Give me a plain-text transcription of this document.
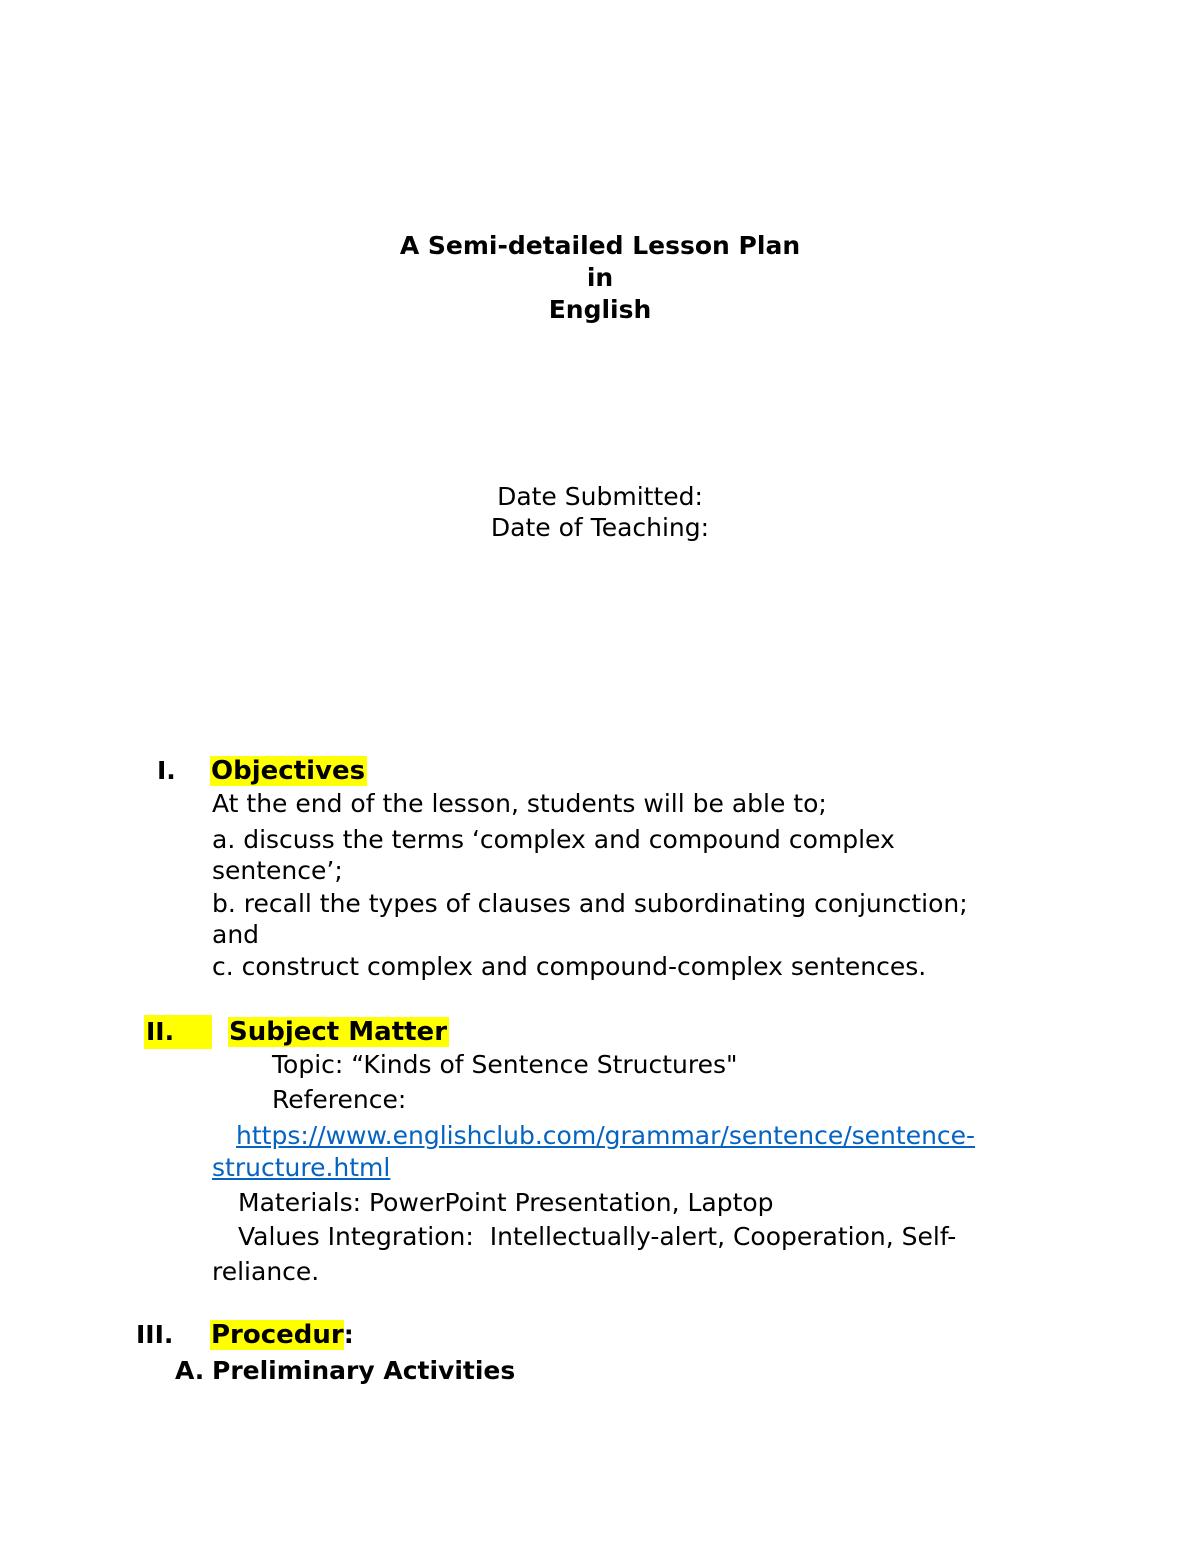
A Semi-detailed Lesson Plan
in
English
Date Submitted:
Date of Teaching:
I. Objectives
At the end of the lesson, students will be able to;
a. discuss the terms ‘complex and compound complex
sentence’;
b. recall the types of clauses and subordinating conjunction;
and
c. construct complex and compound-complex sentences.
II.	Subject Matter
Topic: “Kinds of Sentence Structures"
Reference:
https://www.englishclub.com/grammar/sentence/sentence-
structure.html
Materials: PowerPoint Presentation, Laptop
Values Integration:  Intellectually-alert, Cooperation, Self-
reliance.
III. Procedur:
A. Preliminary Activities
